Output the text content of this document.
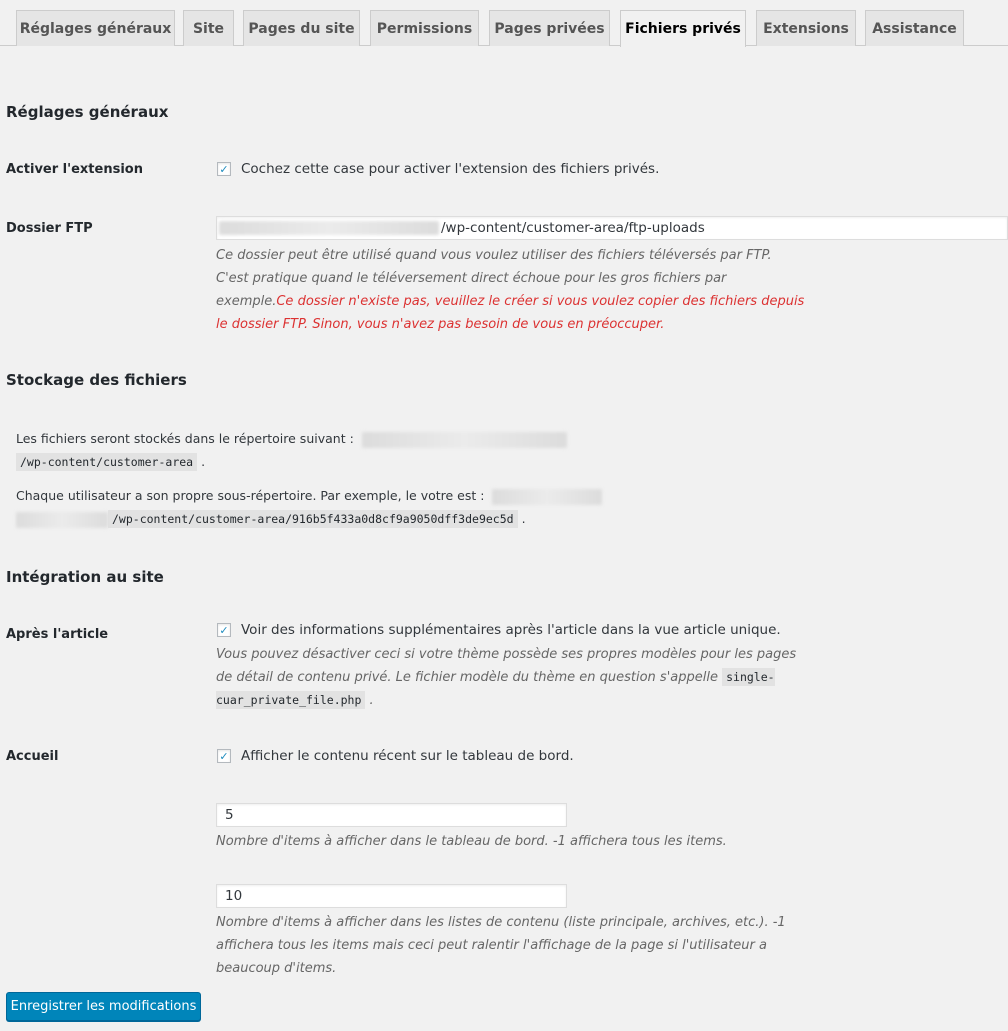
Réglages généraux	Site	Pages du site	Permissions	Pages privées	Fichiers privés	Extensions	Assistance
Réglages généraux
Activer l'extension	✓ Cochez cette case pour activer l'extension des fichiers privés.
Dossier FTP	/wp-content/customer-area/ftp-uploads
Ce dossier peut être utilisé quand vous voulez utiliser des fichiers téléversés par FTP. C'est pratique quand le téléversement direct échoue pour les gros fichiers par exemple.Ce dossier n'existe pas, veuillez le créer si vous voulez copier des fichiers depuis le dossier FTP. Sinon, vous n'avez pas besoin de vous en préoccuper.
Stockage des fichiers
Les fichiers seront stockés dans le répertoire suivant :
/wp-content/customer-area .
Chaque utilisateur a son propre sous-répertoire. Par exemple, le votre est :
/wp-content/customer-area/916b5f433a0d8cf9a9050dff3de9ec5d .
Intégration au site
Après l'article	✓ Voir des informations supplémentaires après l'article dans la vue article unique.
Vous pouvez désactiver ceci si votre thème possède ses propres modèles pour les pages de détail de contenu privé. Le fichier modèle du thème en question s'appelle single-cuar_private_file.php .
Accueil	✓ Afficher le contenu récent sur le tableau de bord.
5
Nombre d'items à afficher dans le tableau de bord. -1 affichera tous les items.
10
Nombre d'items à afficher dans les listes de contenu (liste principale, archives, etc.). -1 affichera tous les items mais ceci peut ralentir l'affichage de la page si l'utilisateur a beaucoup d'items.
Enregistrer les modifications
